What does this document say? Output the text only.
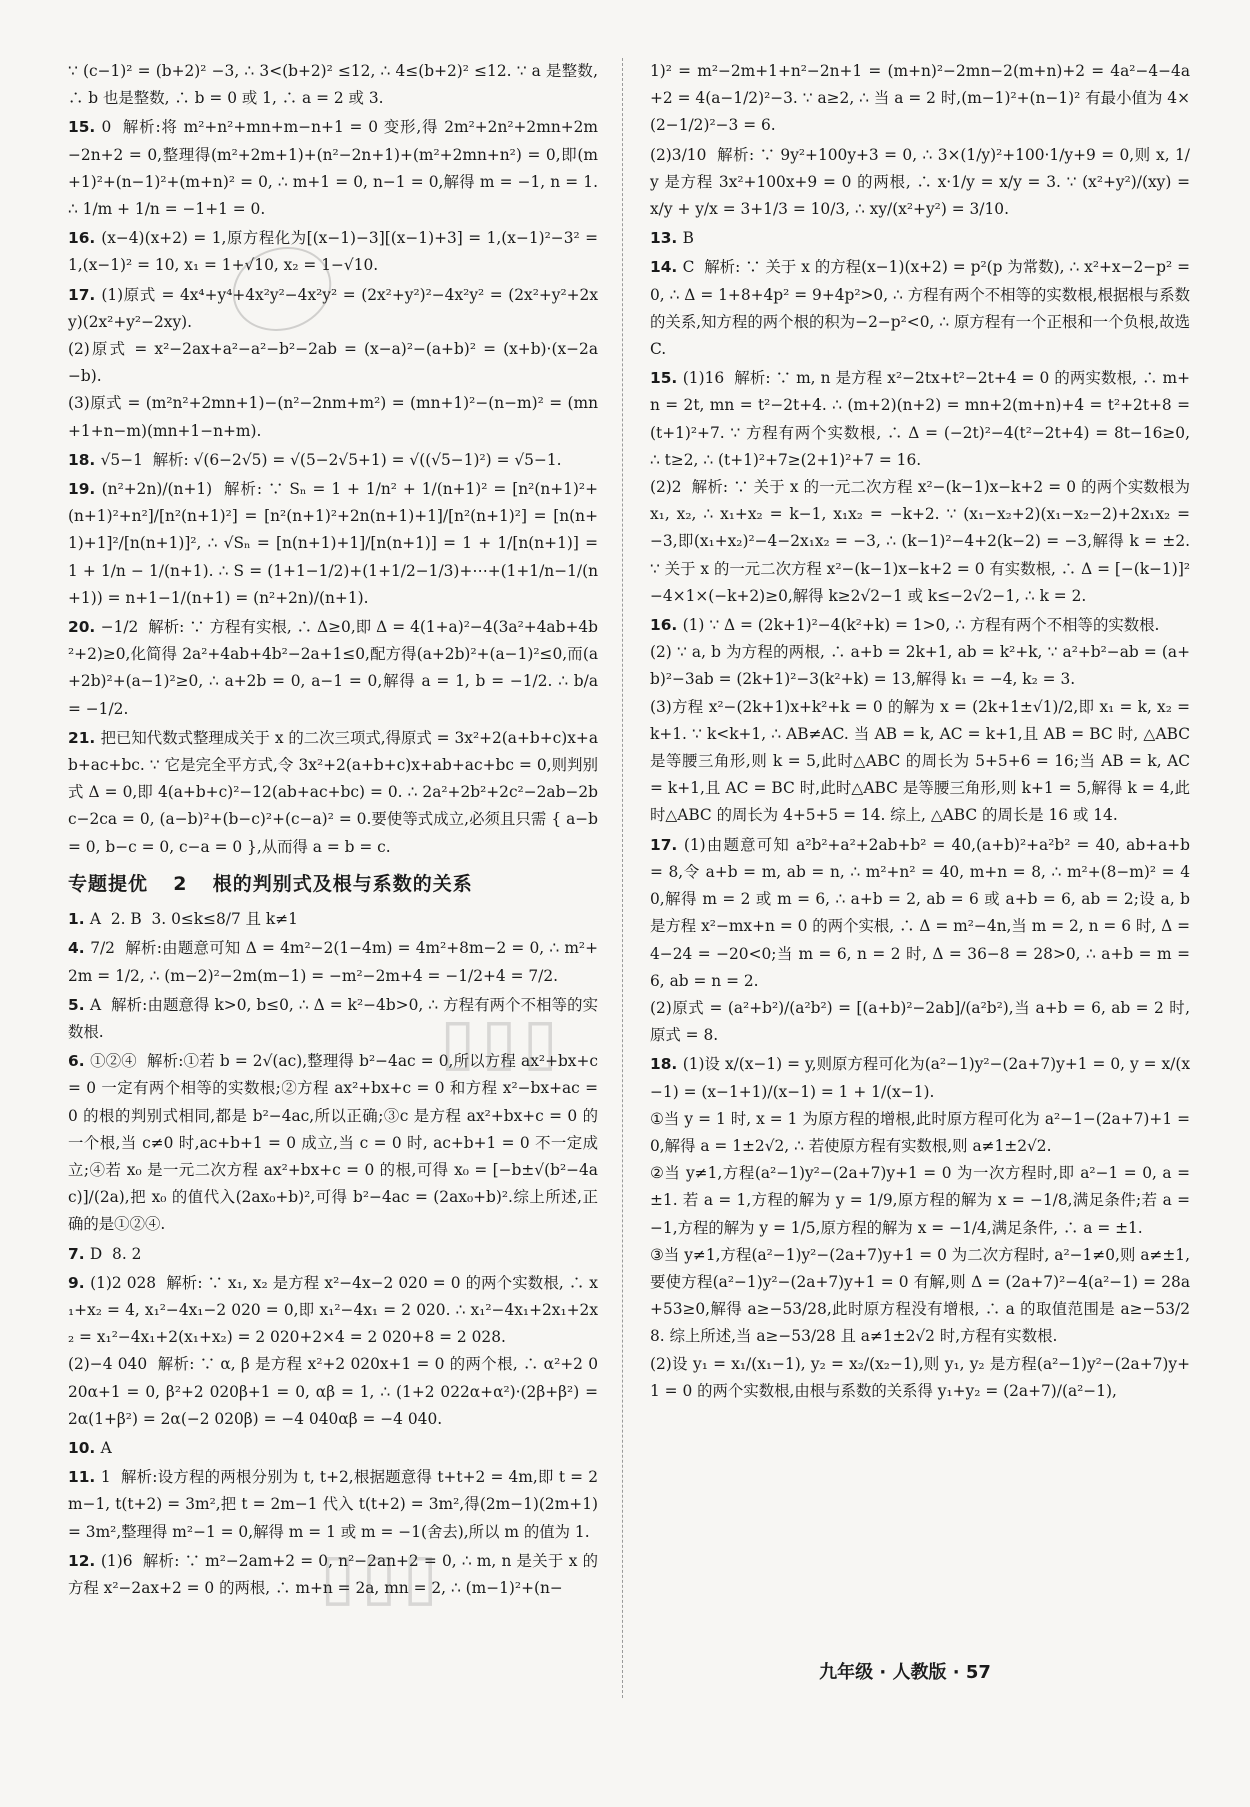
∵ (c−1)² = (b+2)² −3, ∴ 3<(b+2)² ≤12, ∴ 4≤(b+2)² ≤12. ∵ a 是整数, ∴ b 也是整数, ∴ b = 0 或 1, ∴ a = 2 或 3.
15. 0  解析:将 m²+n²+mn+m−n+1 = 0 变形,得 2m²+2n²+2mn+2m−2n+2 = 0,整理得(m²+2m+1)+(n²−2n+1)+(m²+2mn+n²) = 0,即(m+1)²+(n−1)²+(m+n)² = 0, ∴ m+1 = 0, n−1 = 0,解得 m = −1, n = 1. ∴ 1/m + 1/n = −1+1 = 0.
16. (x−4)(x+2) = 1,原方程化为[(x−1)−3][(x−1)+3] = 1,(x−1)²−3² = 1,(x−1)² = 10, x₁ = 1+√10, x₂ = 1−√10.
17. (1)原式 = 4x⁴+y⁴+4x²y²−4x²y² = (2x²+y²)²−4x²y² = (2x²+y²+2xy)(2x²+y²−2xy).
(2)原式 = x²−2ax+a²−a²−b²−2ab = (x−a)²−(a+b)² = (x+b)·(x−2a−b).
(3)原式 = (m²n²+2mn+1)−(n²−2nm+m²) = (mn+1)²−(n−m)² = (mn+1+n−m)(mn+1−n+m).
18. √5−1  解析: √(6−2√5) = √(5−2√5+1) = √((√5−1)²) = √5−1.
19. (n²+2n)/(n+1)  解析: ∵ Sₙ = 1 + 1/n² + 1/(n+1)² = [n²(n+1)²+(n+1)²+n²]/[n²(n+1)²] = [n²(n+1)²+2n(n+1)+1]/[n²(n+1)²] = [n(n+1)+1]²/[n(n+1)]², ∴ √Sₙ = [n(n+1)+1]/[n(n+1)] = 1 + 1/[n(n+1)] = 1 + 1/n − 1/(n+1). ∴ S = (1+1−1/2)+(1+1/2−1/3)+⋯+(1+1/n−1/(n+1)) = n+1−1/(n+1) = (n²+2n)/(n+1).
20. −1/2  解析: ∵ 方程有实根, ∴ Δ≥0,即 Δ = 4(1+a)²−4(3a²+4ab+4b²+2)≥0,化简得 2a²+4ab+4b²−2a+1≤0,配方得(a+2b)²+(a−1)²≤0,而(a+2b)²+(a−1)²≥0, ∴ a+2b = 0, a−1 = 0,解得 a = 1, b = −1/2. ∴ b/a = −1/2.
21. 把已知代数式整理成关于 x 的二次三项式,得原式 = 3x²+2(a+b+c)x+ab+ac+bc. ∵ 它是完全平方式,令 3x²+2(a+b+c)x+ab+ac+bc = 0,则判别式 Δ = 0,即 4(a+b+c)²−12(ab+ac+bc) = 0. ∴ 2a²+2b²+2c²−2ab−2bc−2ca = 0, (a−b)²+(b−c)²+(c−a)² = 0.要使等式成立,必须且只需 { a−b = 0, b−c = 0, c−a = 0 },从而得 a = b = c.
专题提优 2 根的判别式及根与系数的关系
1. A  2. B  3. 0≤k≤8/7 且 k≠1
4. 7/2  解析:由题意可知 Δ = 4m²−2(1−4m) = 4m²+8m−2 = 0, ∴ m²+2m = 1/2, ∴ (m−2)²−2m(m−1) = −m²−2m+4 = −1/2+4 = 7/2.
5. A  解析:由题意得 k>0, b≤0, ∴ Δ = k²−4b>0, ∴ 方程有两个不相等的实数根.
6. ①②④  解析:①若 b = 2√(ac),整理得 b²−4ac = 0,所以方程 ax²+bx+c = 0 一定有两个相等的实数根;②方程 ax²+bx+c = 0 和方程 x²−bx+ac = 0 的根的判别式相同,都是 b²−4ac,所以正确;③c 是方程 ax²+bx+c = 0 的一个根,当 c≠0 时,ac+b+1 = 0 成立,当 c = 0 时, ac+b+1 = 0 不一定成立;④若 x₀ 是一元二次方程 ax²+bx+c = 0 的根,可得 x₀ = [−b±√(b²−4ac)]/(2a),把 x₀ 的值代入(2ax₀+b)²,可得 b²−4ac = (2ax₀+b)².综上所述,正确的是①②④.
7. D  8. 2
9. (1)2 028  解析: ∵ x₁, x₂ 是方程 x²−4x−2 020 = 0 的两个实数根, ∴ x₁+x₂ = 4, x₁²−4x₁−2 020 = 0,即 x₁²−4x₁ = 2 020. ∴ x₁²−4x₁+2x₁+2x₂ = x₁²−4x₁+2(x₁+x₂) = 2 020+2×4 = 2 020+8 = 2 028.
(2)−4 040  解析: ∵ α, β 是方程 x²+2 020x+1 = 0 的两个根, ∴ α²+2 020α+1 = 0, β²+2 020β+1 = 0, αβ = 1, ∴ (1+2 022α+α²)·(2β+β²) = 2α(1+β²) = 2α(−2 020β) = −4 040αβ = −4 040.
10. A
11. 1  解析:设方程的两根分别为 t, t+2,根据题意得 t+t+2 = 4m,即 t = 2m−1, t(t+2) = 3m²,把 t = 2m−1 代入 t(t+2) = 3m²,得(2m−1)(2m+1) = 3m²,整理得 m²−1 = 0,解得 m = 1 或 m = −1(舍去),所以 m 的值为 1.
12. (1)6  解析: ∵ m²−2am+2 = 0, n²−2an+2 = 0, ∴ m, n 是关于 x 的方程 x²−2ax+2 = 0 的两根, ∴ m+n = 2a, mn = 2, ∴ (m−1)²+(n−
1)² = m²−2m+1+n²−2n+1 = (m+n)²−2mn−2(m+n)+2 = 4a²−4−4a+2 = 4(a−1/2)²−3. ∵ a≥2, ∴ 当 a = 2 时,(m−1)²+(n−1)² 有最小值为 4×(2−1/2)²−3 = 6.
(2)3/10  解析: ∵ 9y²+100y+3 = 0, ∴ 3×(1/y)²+100·1/y+9 = 0,则 x, 1/y 是方程 3x²+100x+9 = 0 的两根, ∴ x·1/y = x/y = 3. ∵ (x²+y²)/(xy) = x/y + y/x = 3+1/3 = 10/3, ∴ xy/(x²+y²) = 3/10.
13. B
14. C  解析: ∵ 关于 x 的方程(x−1)(x+2) = p²(p 为常数), ∴ x²+x−2−p² = 0, ∴ Δ = 1+8+4p² = 9+4p²>0, ∴ 方程有两个不相等的实数根,根据根与系数的关系,知方程的两个根的积为−2−p²<0, ∴ 原方程有一个正根和一个负根,故选 C.
15. (1)16  解析: ∵ m, n 是方程 x²−2tx+t²−2t+4 = 0 的两实数根, ∴ m+n = 2t, mn = t²−2t+4. ∴ (m+2)(n+2) = mn+2(m+n)+4 = t²+2t+8 = (t+1)²+7. ∵ 方程有两个实数根, ∴ Δ = (−2t)²−4(t²−2t+4) = 8t−16≥0, ∴ t≥2, ∴ (t+1)²+7≥(2+1)²+7 = 16.
(2)2  解析: ∵ 关于 x 的一元二次方程 x²−(k−1)x−k+2 = 0 的两个实数根为 x₁, x₂, ∴ x₁+x₂ = k−1, x₁x₂ = −k+2. ∵ (x₁−x₂+2)(x₁−x₂−2)+2x₁x₂ = −3,即(x₁+x₂)²−4−2x₁x₂ = −3, ∴ (k−1)²−4+2(k−2) = −3,解得 k = ±2. ∵ 关于 x 的一元二次方程 x²−(k−1)x−k+2 = 0 有实数根, ∴ Δ = [−(k−1)]²−4×1×(−k+2)≥0,解得 k≥2√2−1 或 k≤−2√2−1, ∴ k = 2.
16. (1) ∵ Δ = (2k+1)²−4(k²+k) = 1>0, ∴ 方程有两个不相等的实数根.
(2) ∵ a, b 为方程的两根, ∴ a+b = 2k+1, ab = k²+k, ∵ a²+b²−ab = (a+b)²−3ab = (2k+1)²−3(k²+k) = 13,解得 k₁ = −4, k₂ = 3.
(3)方程 x²−(2k+1)x+k²+k = 0 的解为 x = (2k+1±√1)/2,即 x₁ = k, x₂ = k+1. ∵ k<k+1, ∴ AB≠AC. 当 AB = k, AC = k+1,且 AB = BC 时, △ABC 是等腰三角形,则 k = 5,此时△ABC 的周长为 5+5+6 = 16;当 AB = k, AC = k+1,且 AC = BC 时,此时△ABC 是等腰三角形,则 k+1 = 5,解得 k = 4,此时△ABC 的周长为 4+5+5 = 14. 综上, △ABC 的周长是 16 或 14.
17. (1)由题意可知 a²b²+a²+2ab+b² = 40,(a+b)²+a²b² = 40, ab+a+b = 8,令 a+b = m, ab = n, ∴ m²+n² = 40, m+n = 8, ∴ m²+(8−m)² = 40,解得 m = 2 或 m = 6, ∴ a+b = 2, ab = 6 或 a+b = 6, ab = 2;设 a, b 是方程 x²−mx+n = 0 的两个实根, ∴ Δ = m²−4n,当 m = 2, n = 6 时, Δ = 4−24 = −20<0;当 m = 6, n = 2 时, Δ = 36−8 = 28>0, ∴ a+b = m = 6, ab = n = 2.
(2)原式 = (a²+b²)/(a²b²) = [(a+b)²−2ab]/(a²b²),当 a+b = 6, ab = 2 时,原式 = 8.
18. (1)设 x/(x−1) = y,则原方程可化为(a²−1)y²−(2a+7)y+1 = 0, y = x/(x−1) = (x−1+1)/(x−1) = 1 + 1/(x−1).
①当 y = 1 时, x = 1 为原方程的增根,此时原方程可化为 a²−1−(2a+7)+1 = 0,解得 a = 1±2√2, ∴ 若使原方程有实数根,则 a≠1±2√2.
②当 y≠1,方程(a²−1)y²−(2a+7)y+1 = 0 为一次方程时,即 a²−1 = 0, a = ±1. 若 a = 1,方程的解为 y = 1/9,原方程的解为 x = −1/8,满足条件;若 a = −1,方程的解为 y = 1/5,原方程的解为 x = −1/4,满足条件, ∴ a = ±1.
③当 y≠1,方程(a²−1)y²−(2a+7)y+1 = 0 为二次方程时, a²−1≠0,则 a≠±1,要使方程(a²−1)y²−(2a+7)y+1 = 0 有解,则 Δ = (2a+7)²−4(a²−1) = 28a+53≥0,解得 a≥−53/28,此时原方程没有增根, ∴ a 的取值范围是 a≥−53/28. 综上所述,当 a≥−53/28 且 a≠1±2√2 时,方程有实数根.
(2)设 y₁ = x₁/(x₁−1), y₂ = x₂/(x₂−1),则 y₁, y₂ 是方程(a²−1)y²−(2a+7)y+1 = 0 的两个实数根,由根与系数的关系得 y₁+y₂ = (2a+7)/(a²−1),
九年级 · 人教版 · 57
▯▯▯
▯▯▯
